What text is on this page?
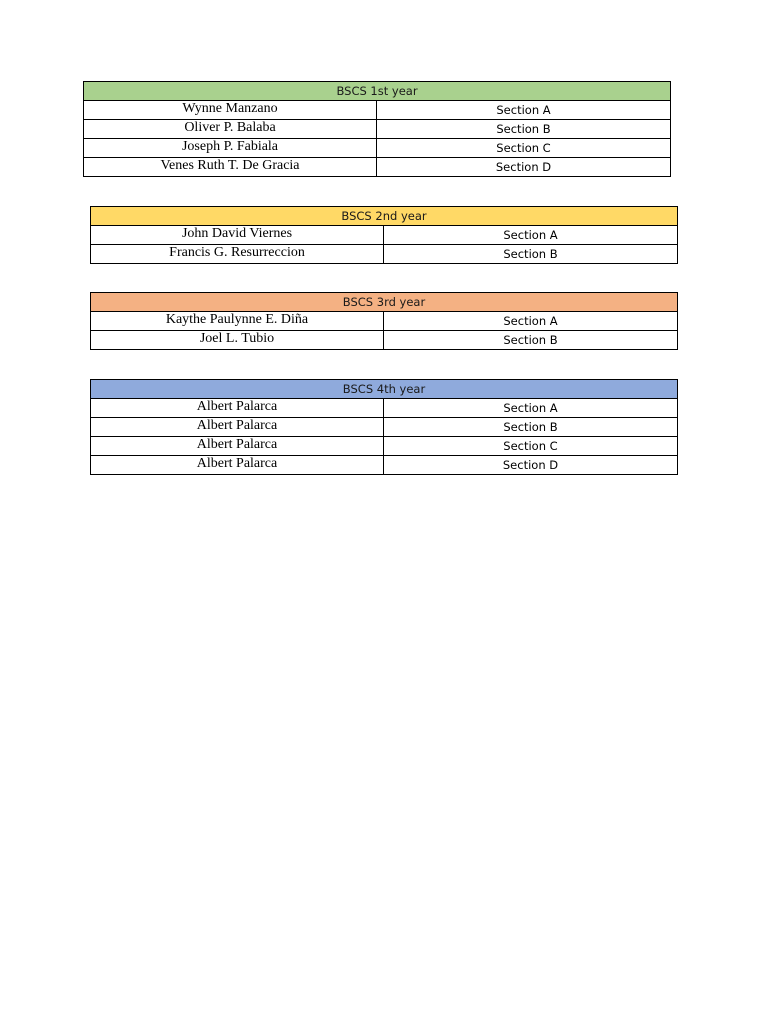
BSCS 1st year	
Wynne Manzano	Section A
Oliver P. Balaba	Section B
Joseph P. Fabiala	Section C
Venes Ruth T. De Gracia	Section D
BSCS 2nd year	
John David Viernes	Section A
Francis G. Resurreccion	Section B
BSCS 3rd year	
Kaythe Paulynne E. Diña	Section A
Joel L. Tubio	Section B
BSCS 4th year	
Albert Palarca	Section A
Albert Palarca	Section B
Albert Palarca	Section C
Albert Palarca	Section D
